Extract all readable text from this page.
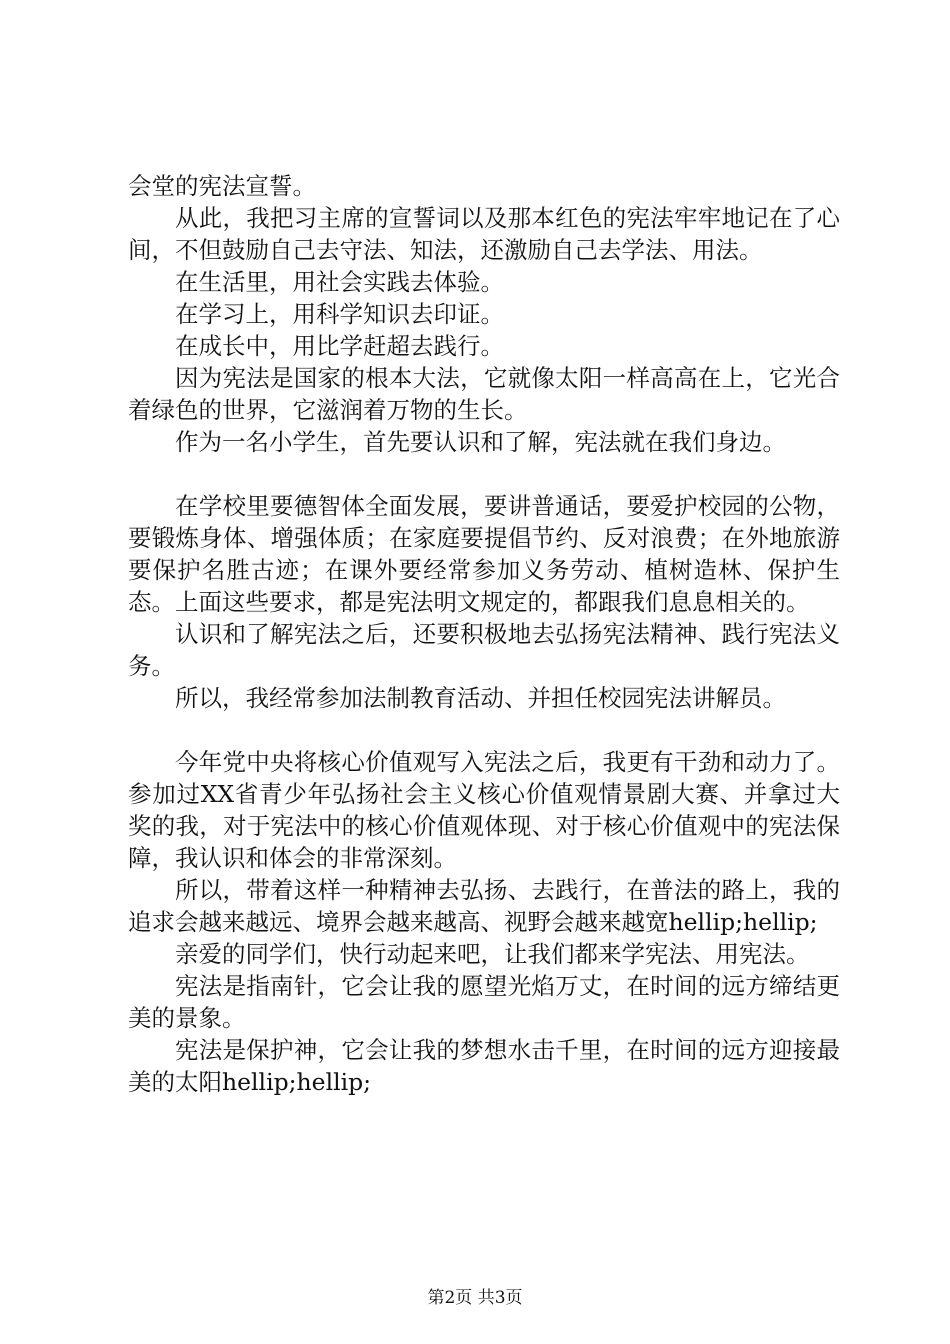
会堂的宪法宣誓。

从此，我把习主席的宣誓词以及那本红色的宪法牢牢地记在了心间，不但鼓励自己去守法、知法，还激励自己去学法、用法。

在生活里，用社会实践去体验。

在学习上，用科学知识去印证。

在成长中，用比学赶超去践行。

因为宪法是国家的根本大法，它就像太阳一样高高在上，它光合着绿色的世界，它滋润着万物的生长。

作为一名小学生，首先要认识和了解，宪法就在我们身边。

在学校里要德智体全面发展，要讲普通话，要爱护校园的公物，要锻炼身体、增强体质；在家庭要提倡节约、反对浪费；在外地旅游要保护名胜古迹；在课外要经常参加义务劳动、植树造林、保护生态。上面这些要求，都是宪法明文规定的，都跟我们息息相关的。

认识和了解宪法之后，还要积极地去弘扬宪法精神、践行宪法义务。

所以，我经常参加法制教育活动、并担任校园宪法讲解员。

今年党中央将核心价值观写入宪法之后，我更有干劲和动力了。参加过XX省青少年弘扬社会主义核心价值观情景剧大赛、并拿过大奖的我，对于宪法中的核心价值观体现、对于核心价值观中的宪法保障，我认识和体会的非常深刻。

所以，带着这样一种精神去弘扬、去践行，在普法的路上，我的追求会越来越远、境界会越来越高、视野会越来越宽hellip;hellip;

亲爱的同学们，快行动起来吧，让我们都来学宪法、用宪法。

宪法是指南针，它会让我的愿望光焰万丈，在时间的远方缔结更美的景象。

宪法是保护神，它会让我的梦想水击千里，在时间的远方迎接最美的太阳hellip;hellip;

第2页 共3页
